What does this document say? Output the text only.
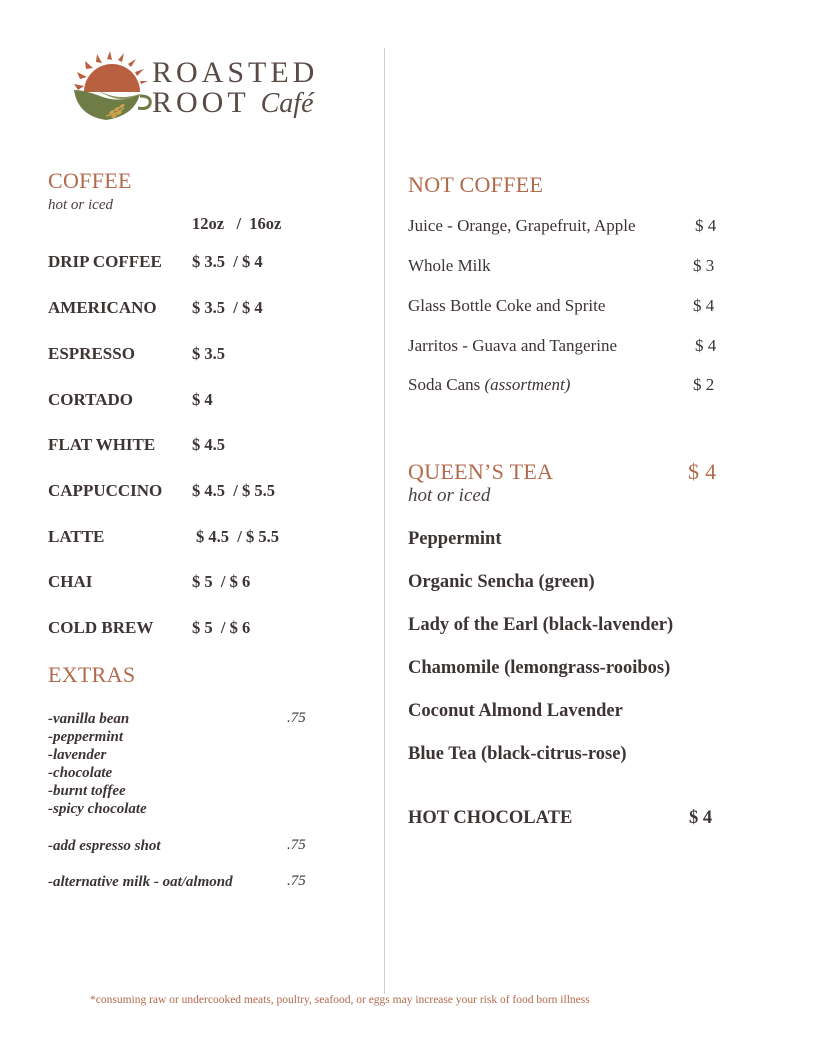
ROASTED
ROOT Café
COFFEE
hot or iced
12oz   /  16oz
DRIP COFFEE $ 3.5  / $ 4
AMERICANO $ 3.5  / $ 4
ESPRESSO	$ 3.5
CORTADO	$ 4
FLAT WHITE $ 4.5
CAPPUCCINO $ 4.5  / $ 5.5
LATTE	$ 4.5  / $ 5.5
CHAI	$ 5  / $ 6
COLD BREW $ 5  / $ 6
EXTRAS
-vanilla bean
-peppermint
-lavender
-chocolate
-burnt toffee
-spicy chocolate
.75
-add espresso shot	.75
-alternative milk - oat/almond	.75
NOT COFFEE
Juice - Orange, Grapefruit, Apple	$ 4
Whole Milk	$ 3
Glass Bottle Coke and Sprite	$ 4
Jarritos - Guava and Tangerine	$ 4
Soda Cans (assortment)	$ 2
QUEEN’S TEA	$ 4
hot or iced
Peppermint
Organic Sencha (green)
Lady of the Earl (black-lavender)
Chamomile (lemongrass-rooibos)
Coconut Almond Lavender
Blue Tea (black-citrus-rose)
HOT CHOCOLATE	$ 4
*consuming raw or undercooked meats, poultry, seafood, or eggs may increase your risk of food born illness
